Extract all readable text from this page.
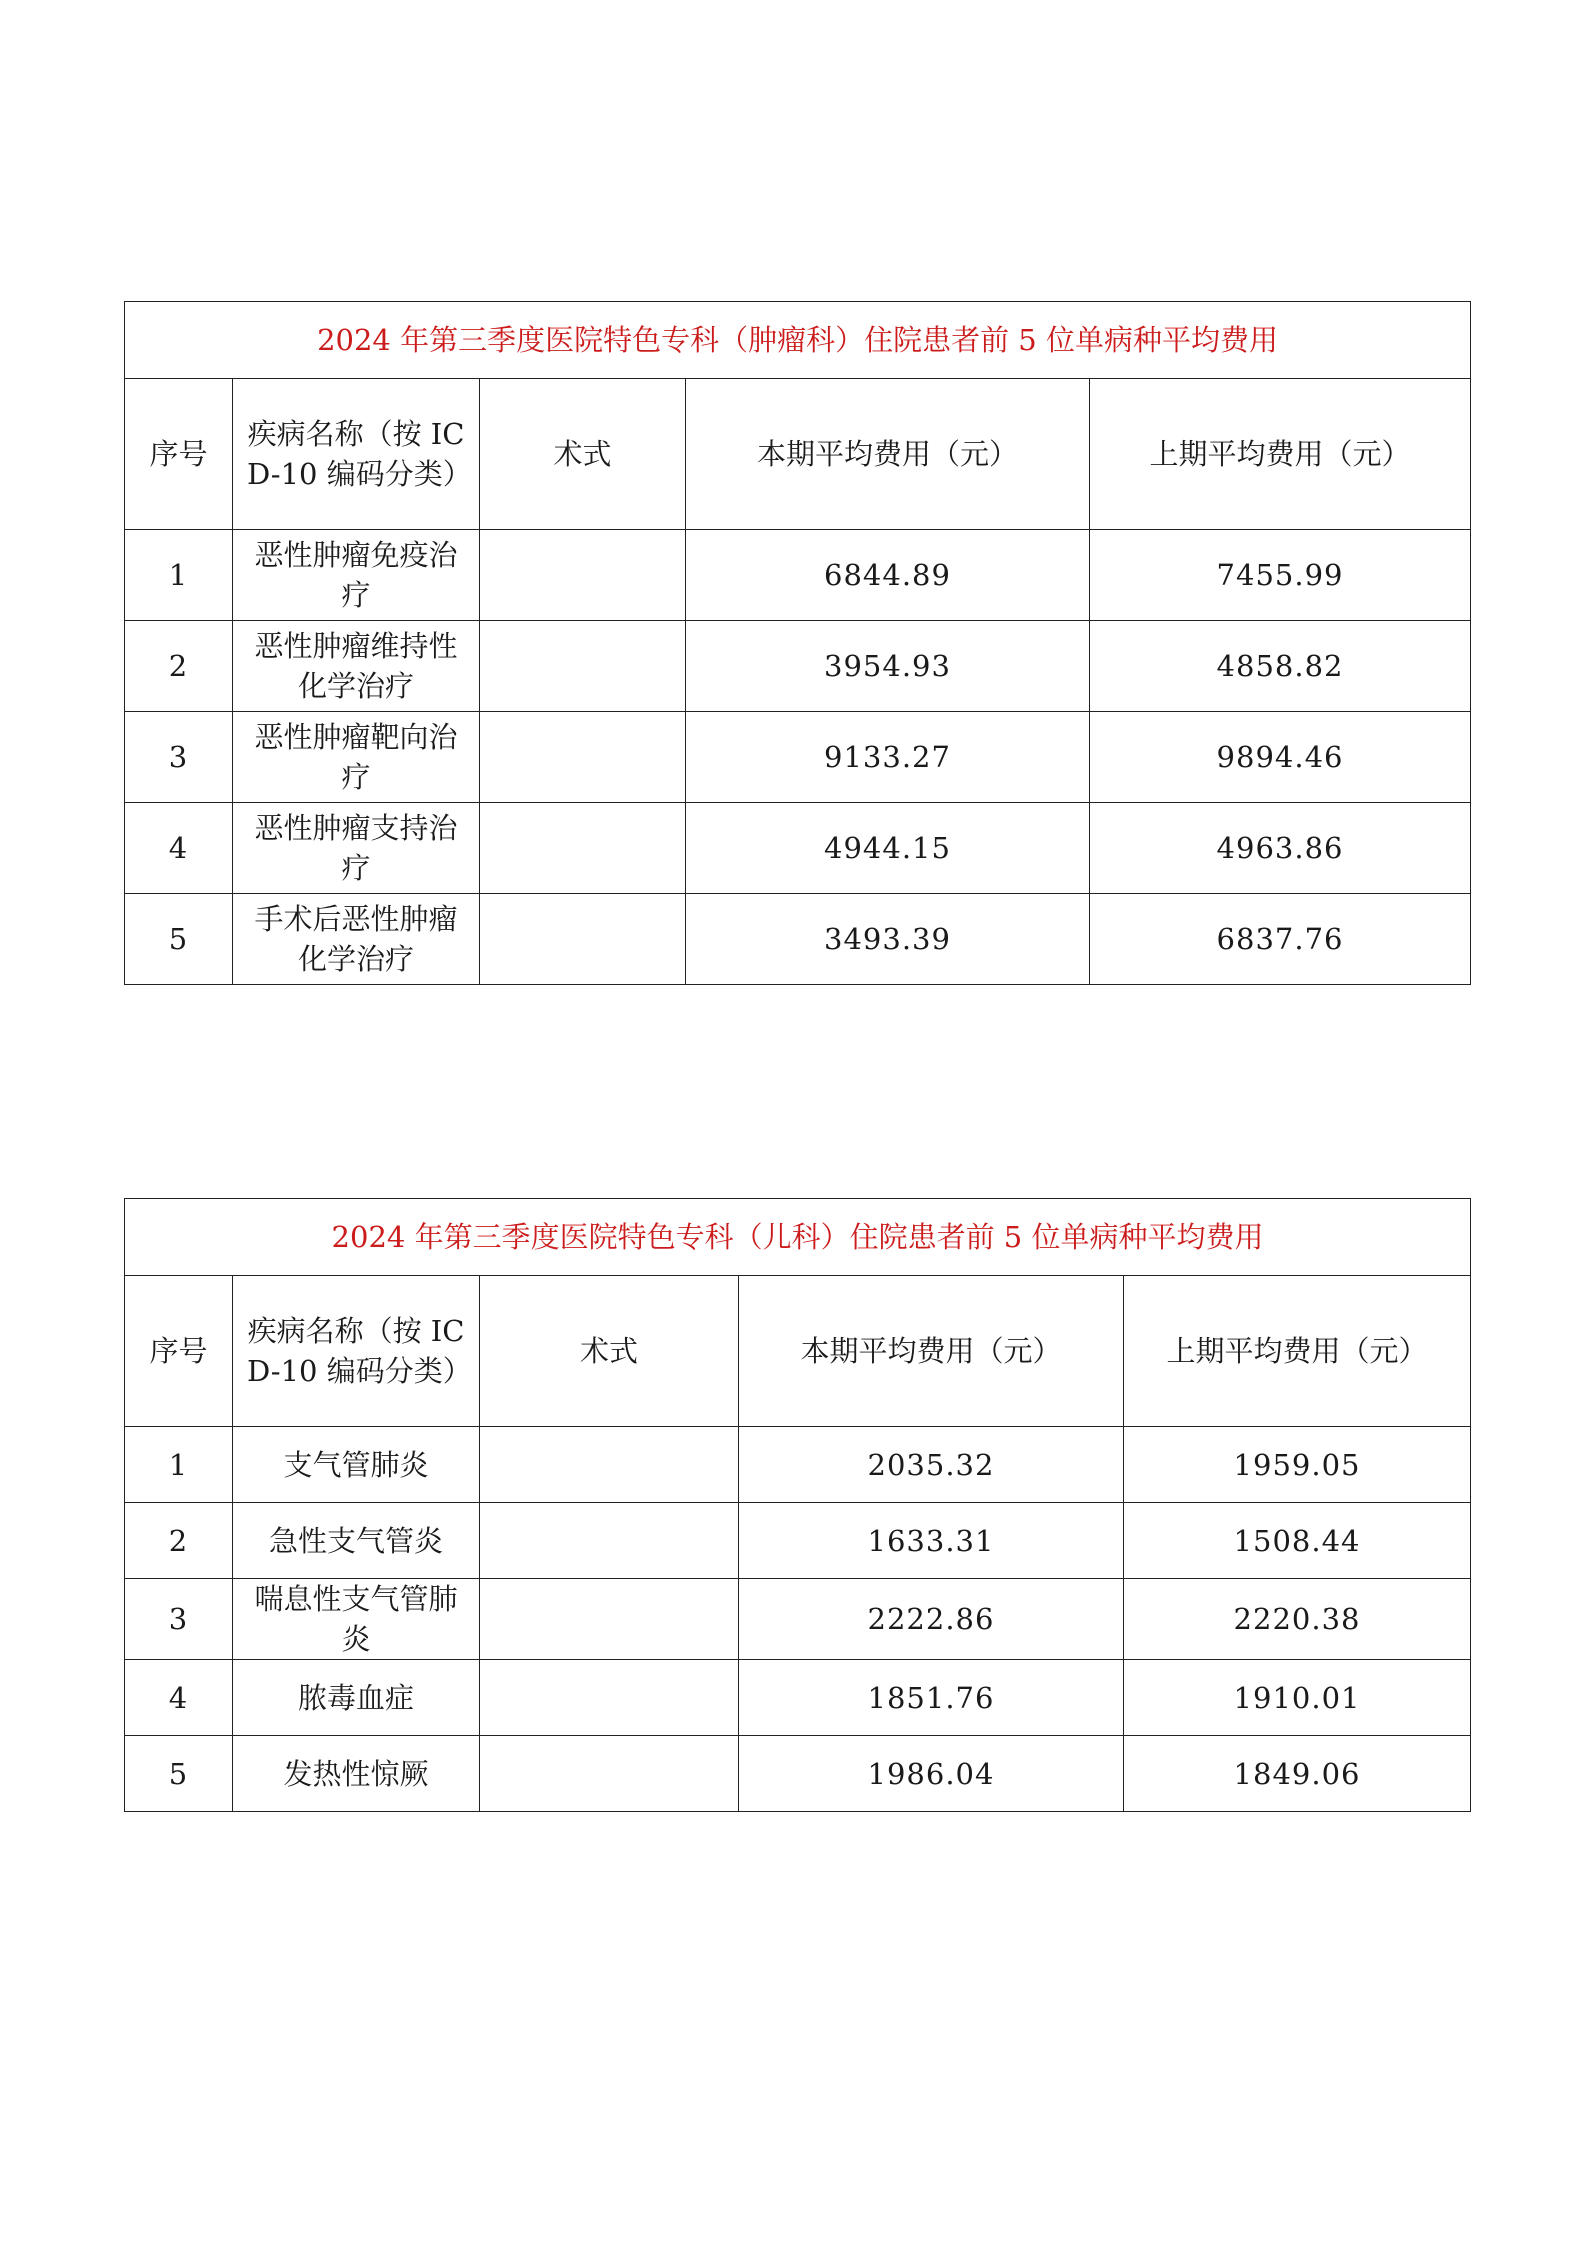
2024 年第三季度医院特色专科（肿瘤科）住院患者前 5 位单病种平均费用				
序号	疾病名称（按 ICD-10 编码分类）	术式	本期平均费用（元）	上期平均费用（元）
1	恶性肿瘤免疫治疗		6844.89	7455.99
2	恶性肿瘤维持性化学治疗		3954.93	4858.82
3	恶性肿瘤靶向治疗		9133.27	9894.46
4	恶性肿瘤支持治疗		4944.15	4963.86
5	手术后恶性肿瘤化学治疗		3493.39	6837.76
2024 年第三季度医院特色专科（儿科）住院患者前 5 位单病种平均费用				
序号	疾病名称（按 ICD-10 编码分类）	术式	本期平均费用（元）	上期平均费用（元）
1	支气管肺炎		2035.32	1959.05
2	急性支气管炎		1633.31	1508.44
3	喘息性支气管肺炎		2222.86	2220.38
4	脓毒血症		1851.76	1910.01
5	发热性惊厥		1986.04	1849.06
